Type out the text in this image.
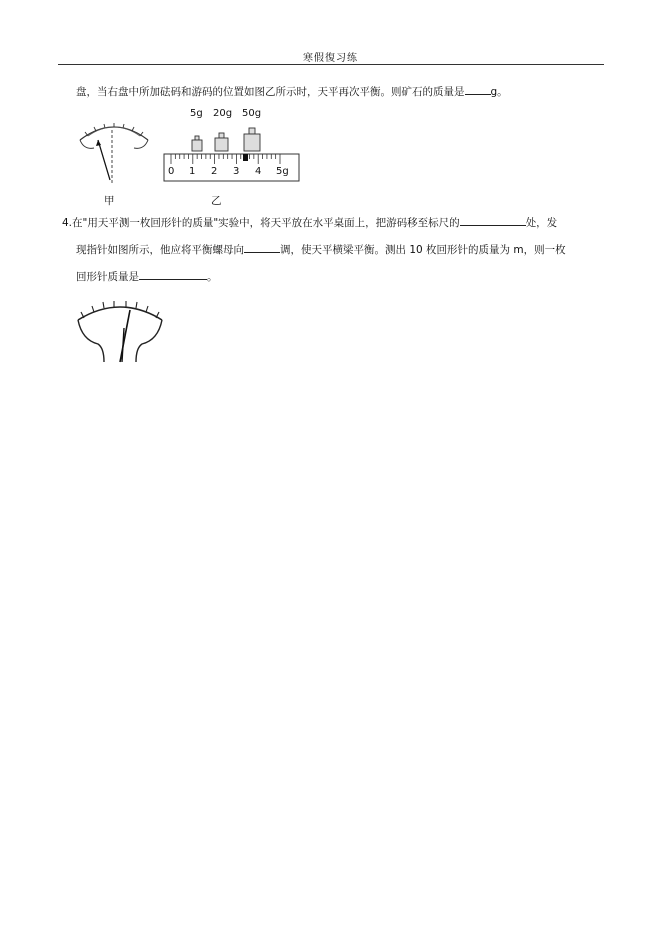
寒假復习练
盘，当右盘中所加砝码和游码的位置如图乙所示时，天平再次平衡。则矿石的质量是 g。
甲
5g 20g 50g
0 1 2 3 4 5g
乙
4.在"用天平测一枚回形针的质量"实验中，将天平放在水平桌面上，把游码移至标尺的	处，发
现指针如图所示，他应将平衡螺母向	调，使天平横梁平衡。测出 10 枚回形针的质量为 m，则一枚
回形针质量是	。
